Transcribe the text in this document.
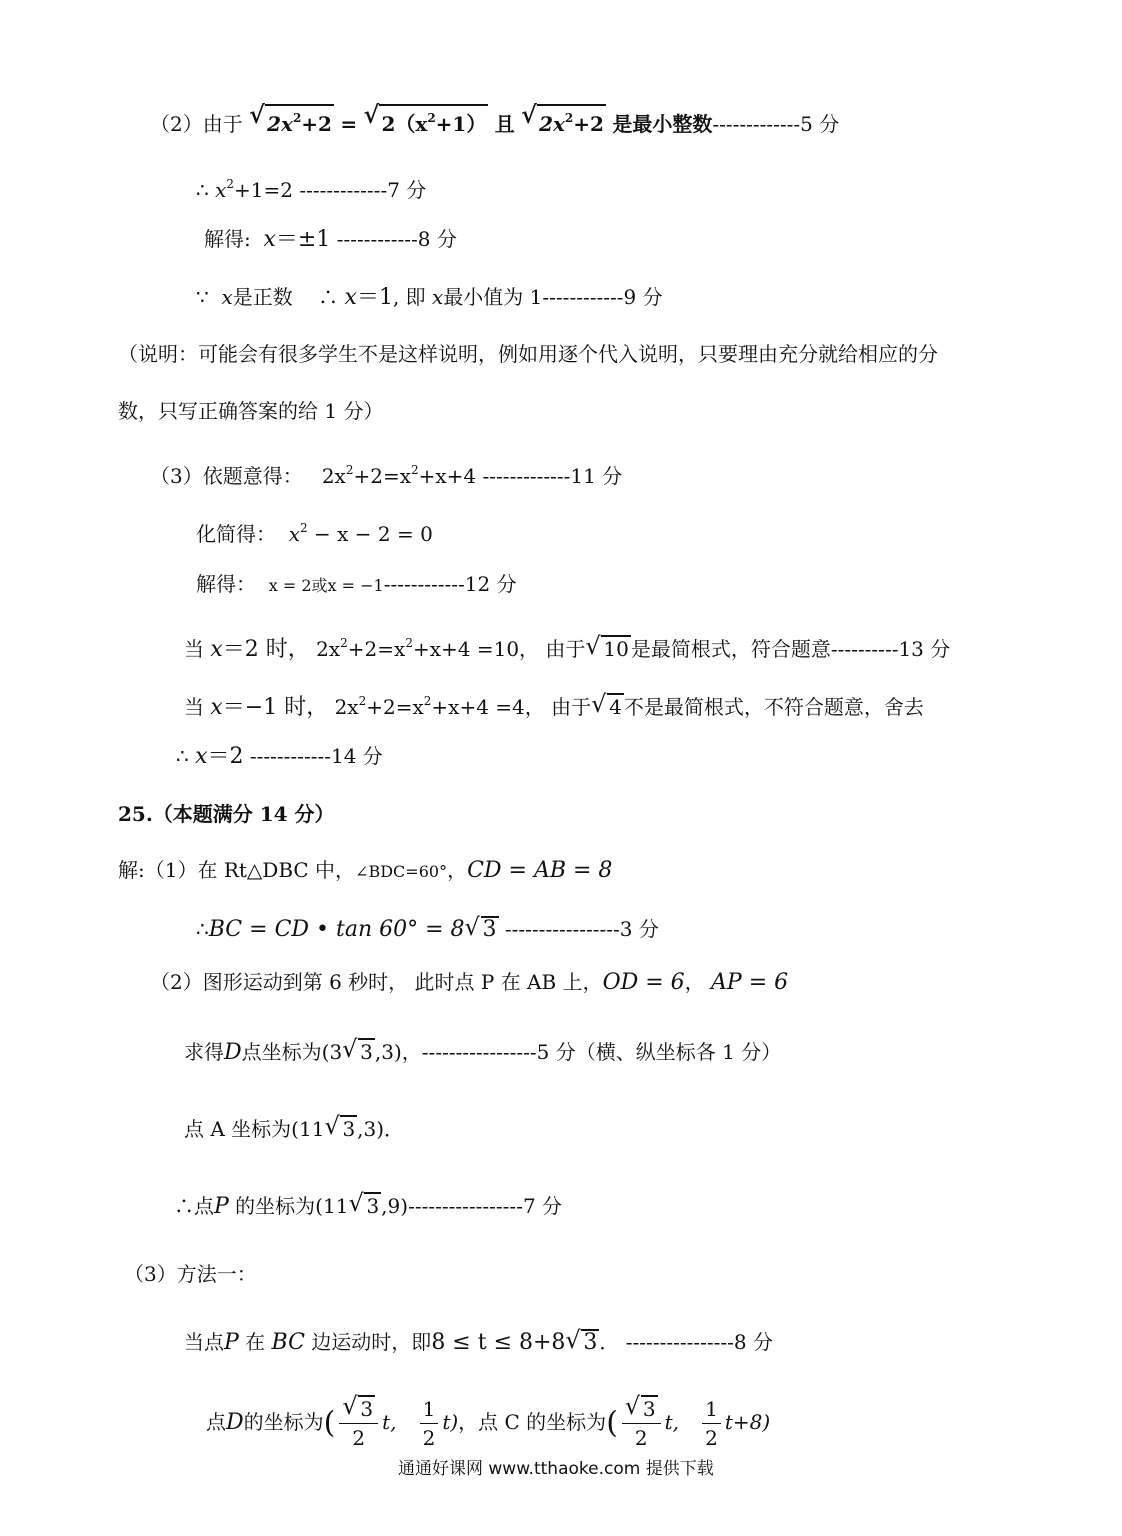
（2）由于 √ $2x^2+2$ = √ $2(x^2+1)$ 且 √ $2x^2+2$ 是最小整数-------------5 分
∴ $x^2+1=2$ -------------7 分
解得: x＝±1 ------------8 分
∵ x是正数 ∴ x＝1, 即 x最小值为 1------------9 分
（说明：可能会有很多学生不是这样说明，例如用逐个代入说明，只要理由充分就给相应的分
数，只写正确答案的给 1 分）
（3）依题意得： $2x^2+2=x^2+x+4$ -------------11 分
化简得： $x^2 - x - 2 = 0$
解得： x = 2或x = −1------------12 分
当 x＝2 时， $2x^2+2=x^2+x+4 =10$， 由于 √ 10 是最简根式，符合题意----------13 分
当 x＝−1 时， $2x^2+2=x^2+x+4 =4$， 由于 √ 4 不是最简根式，不符合题意，舍去
∴ x＝2 ------------14 分
25.（本题满分 14 分）
解:（1）在 Rt△DBC 中，∠BDC=60°，CD = AB = 8
∴BC = CD • tan 60° = 8 √ 3 -----------------3 分
（2）图形运动到第 6 秒时， 此时点 P 在 AB 上，OD = 6， AP = 6
求得D点坐标为(3 √ 3 ,3)，-----------------5 分（横、纵坐标各 1 分）
点 A 坐标为(11 √ 3 ,3)．
∴点P 的坐标为(11 √ 3 ,9)-----------------7 分
（3）方法一：
当点P 在 BC 边运动时，即8 ≤ t ≤ 8+8 √ 3 ． ----------------8 分
点D的坐标为( $\frac{√ 3}{2} t$, $\frac{1}{2} t$)，点 C 的坐标为( $\frac{√ 3}{2} t$, $\frac{1}{2} t+8$)
通通好课网 www.tthaoke.com 提供下载
